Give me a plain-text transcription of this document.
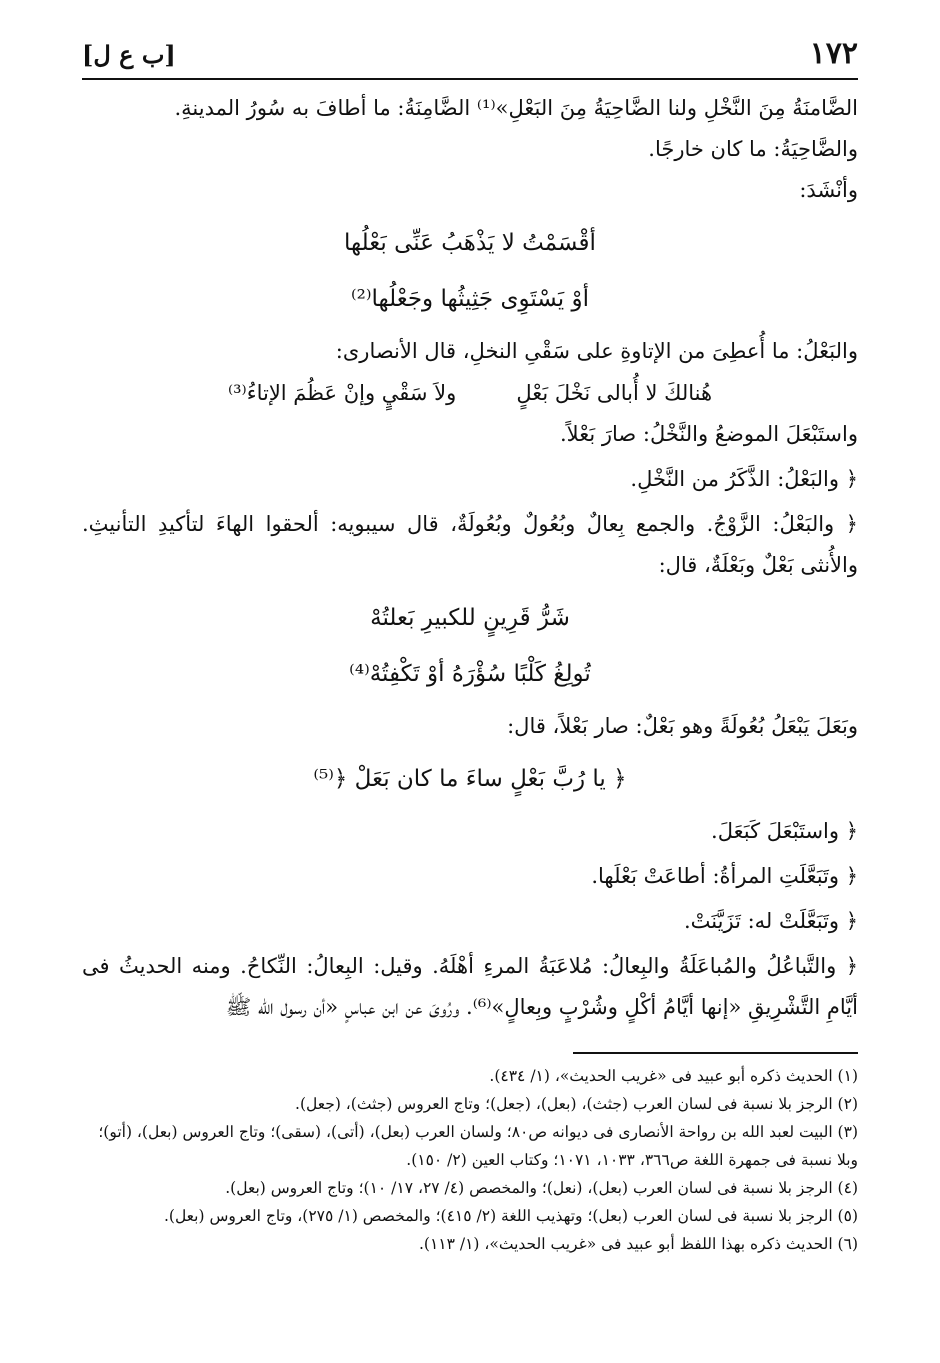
١٧٢
[ب ع ل]

الضَّامنَةُ مِنَ النَّخْلِ ولنا الضَّاحِيَةُ مِنَ البَعْلِ»⁽¹⁾ الضَّامِنَةُ: ما أطافَ به سُورُ المدينةِ.

والضَّاحِيَةُ: ما كان خارجًا.

وأنْشَدَ:

أقْسَمْتُ لا يَذْهَبُ عَنِّى بَعْلُها

أوْ يَسْتَوِى جَثِيثُها وجَعْلُها⁽²⁾

والبَعْلُ: ما أُعطِىَ من الإتاوةِ على سَقْىِ النخلِ، قال الأنصارى:

هُنالكَ لا أُبالى نَخْلَ بَعْلٍ
ولاَ سَقْيٍ وإنْ عَظُمَ الإتاءُ⁽³⁾

واستَبْعَلَ الموضعُ والنَّخْلُ: صارَ بَعْلاً.

﴿ والبَعْلُ: الذَّكَرُ من النَّخْلِ.

﴿ والبَعْلُ: الزَّوْجُ. والجمع بِعالٌ وبُعُولٌ وبُعُولَةٌ، قال سيبويه: ألحقوا الهاءَ لتأكيدِ التأنيثِ. والأُنثى بَعْلٌ وبَعْلَةٌ، قال:

شَرُّ قَرِينٍ للكبيرِ بَعلتُهْ

تُولِغُ كَلْبًا سُؤْرَهُ أوْ تَكْفِتُهْ⁽⁴⁾

وبَعَلَ يَبْعَلُ بُعُولَةً وهو بَعْلٌ: صار بَعْلاً، قال:

﴿ يا رُبَّ بَعْلٍ ساءَ ما كان بَعَلْ ﴿⁽⁵⁾

﴿ واستَبْعَلَ كَبَعَلَ.

﴿ وتَبَعَّلَتِ المرأةُ: أطاعَتْ بَعْلَها.

﴿ وتَبَعَّلَتْ له: تَزَيَّنَتْ.

﴿ والتَّباعُلُ والمُباعَلَةُ والبِعالُ: مُلاعَبَةُ المرءِ أهْلَهُ. وقيل: البِعالُ: النِّكاحُ. ومنه الحديثُ فى أيَّامِ التَّشْرِيقِ «إنها أيَّامُ أكْلٍ وشُرْبٍ وبِعالٍ»⁽⁶⁾. ورُوىَ عن ابن عباسٍ «أن رسول الله ﷺ

(١) الحديث ذكره أبو عبيد فى «غريب الحديث»، (١/ ٤٣٤).

(٢) الرجز بلا نسبة فى لسان العرب (جثث)، (بعل)، (جعل)؛ وتاج العروس (جثث)، (جعل).

(٣) البيت لعبد الله بن رواحة الأنصارى فى ديوانه ص٨٠؛ ولسان العرب (بعل)، (أتى)، (سقى)؛ وتاج العروس (بعل)، (أتو)؛ وبلا نسبة فى جمهرة اللغة ص٣٦٦، ١٠٣٣، ١٠٧١؛ وكتاب العين (٢/ ١٥٠).

(٤) الرجز بلا نسبة فى لسان العرب (بعل)، (نعل)؛ والمخصص (٤/ ٢٧، ١٧/ ١٠)؛ وتاج العروس (بعل).

(٥) الرجز بلا نسبة فى لسان العرب (بعل)؛ وتهذيب اللغة (٢/ ٤١٥)؛ والمخصص (١/ ٢٧٥)، وتاج العروس (بعل).

(٦) الحديث ذكره بهذا اللفظ أبو عبيد فى «غريب الحديث»، (١/ ١١٣).
